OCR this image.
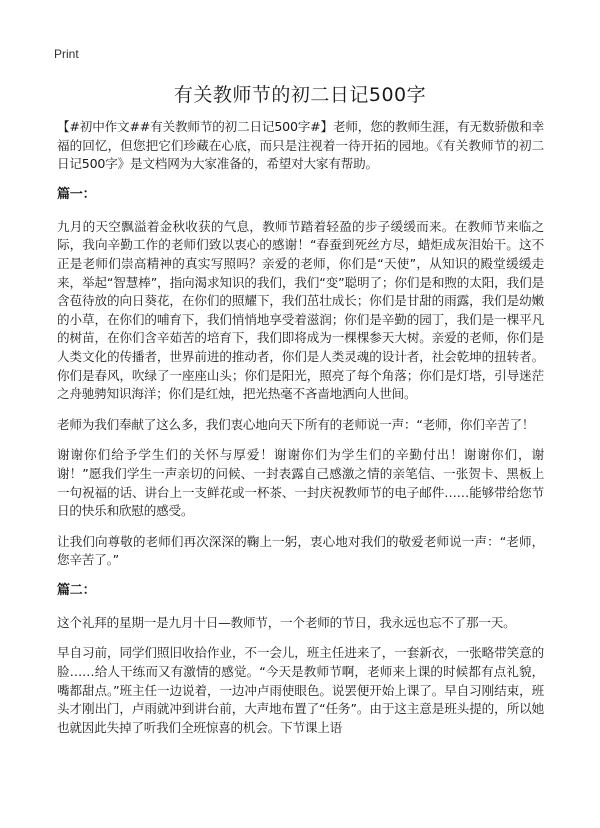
Print
有关教师节的初二日记500字

【#初中作文##有关教师节的初二日记500字#】老师，您的教师生涯，有无数骄傲和幸福的回忆，但您把它们珍藏在心底，而只是注视着一待开拓的园地。《有关教师节的初二日记500字》是文档网为大家准备的，希望对大家有帮助。

篇一：

九月的天空飘溢着金秋收获的气息，教师节踏着轻盈的步子缓缓而来。在教师节来临之际，我向辛勤工作的老师们致以衷心的感谢！“春蚕到死丝方尽，蜡炬成灰泪始干。这不正是老师们崇高精神的真实写照吗？亲爱的老师，你们是“天使”，从知识的殿堂缓缓走来，举起“智慧棒”，指向渴求知识的我们，我们“变”聪明了；你们是和煦的太阳，我们是含苞待放的向日葵花，在你们的照耀下，我们茁壮成长；你们是甘甜的雨露，我们是幼嫩的小草，在你们的哺育下，我们悄悄地享受着滋润；你们是辛勤的园丁，我们是一棵平凡的树苗，在你们含辛茹苦的培育下，我们即将成为一棵棵参天大树。亲爱的老师，你们是人类文化的传播者，世界前进的推动者，你们是人类灵魂的设计者，社会乾坤的扭转者。你们是春风，吹绿了一座座山头；你们是阳光，照亮了每个角落；你们是灯塔，引导迷茫之舟驰骋知识海洋；你们是红烛，把光热毫不吝啬地洒向人世间。

老师为我们奉献了这么多，我们衷心地向天下所有的老师说一声：“老师，你们辛苦了！

谢谢你们给予学生们的关怀与厚爱！谢谢你们为学生们的辛勤付出！谢谢你们，谢谢！”愿我们学生一声亲切的问候、一封表露自己感激之情的亲笔信、一张贺卡、黑板上一句祝福的话、讲台上一支鲜花或一杯茶、一封庆祝教师节的电子邮件……能够带给您节日的快乐和欣慰的感受。

让我们向尊敬的老师们再次深深的鞠上一躬，衷心地对我们的敬爱老师说一声：“老师，您辛苦了。”

篇二：

这个礼拜的星期一是九月十日—教师节，一个老师的节日，我永远也忘不了那一天。

早自习前，同学们照旧收拾作业，不一会儿，班主任进来了，一套新衣，一张略带笑意的脸……给人干练而又有激情的感觉。“今天是教师节啊，老师来上课的时候都有点礼貌，嘴都甜点。”班主任一边说着，一边冲卢雨使眼色。说罢便开始上课了。早自习刚结束，班头才刚出门，卢雨就冲到讲台前，大声地布置了“任务”。由于这主意是班头提的，所以她也就因此失掉了听我们全班惊喜的机会。下节课上语
